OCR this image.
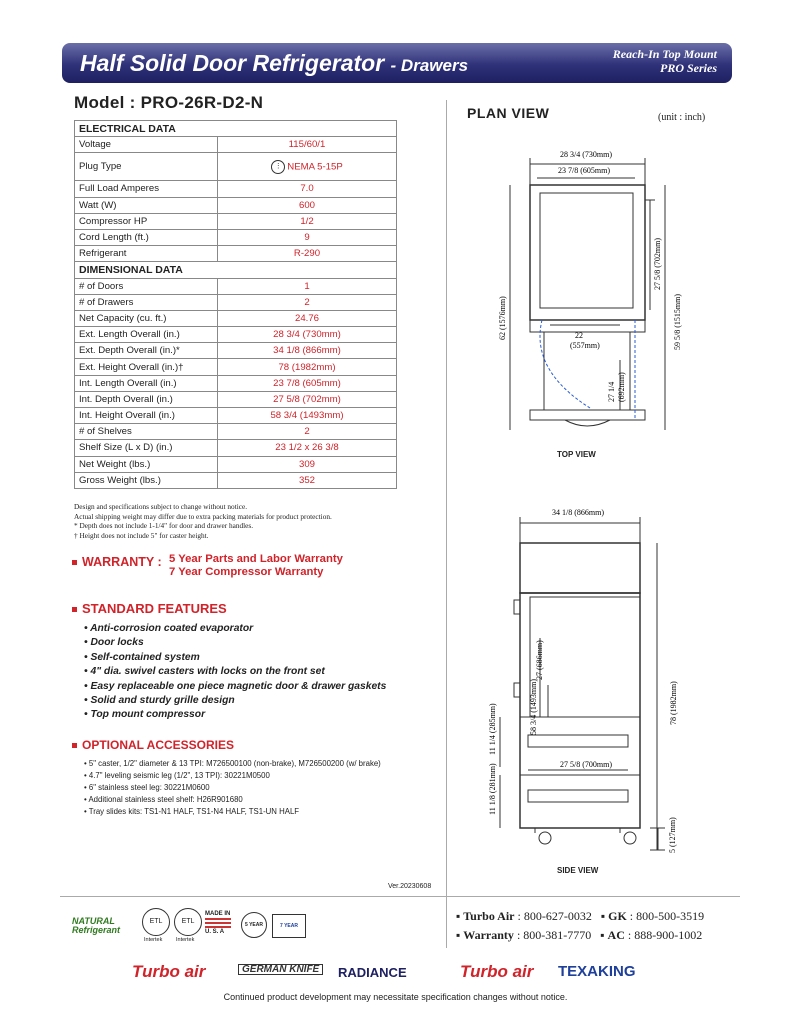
Half Solid Door Refrigerator - Drawers
Reach-In Top Mount
PRO Series
Model : PRO-26R-D2-N
ELECTRICAL DATA	
Voltage	115/60/1
Plug Type	⋮ NEMA 5-15P
Full Load Amperes	7.0
Watt (W)	600
Compressor HP	1/2
Cord Length (ft.)	9
Refrigerant	R-290
DIMENSIONAL DATA	
# of Doors	1
# of Drawers	2
Net Capacity (cu. ft.)	24.76
Ext. Length Overall (in.)	28 3/4 (730mm)
Ext. Depth Overall (in.)*	34 1/8 (866mm)
Ext. Height Overall (in.)†	78 (1982mm)
Int. Length Overall (in.)	23 7/8 (605mm)
Int. Depth Overall (in.)	27 5/8 (702mm)
Int. Height Overall (in.)	58 3/4 (1493mm)
# of Shelves	2
Shelf Size (L x D) (in.)	23 1/2 x 26 3/8
Net Weight (lbs.)	309
Gross Weight (lbs.)	352
Design and specifications subject to change without notice.
Actual shipping weight may differ due to extra packing materials for product protection.
* Depth does not include 1-1/4" for door and drawer handles.
† Height does not include 5" for caster height.
WARRANTY : 5 Year Parts and Labor Warranty
7 Year Compressor Warranty
STANDARD FEATURES
• Anti-corrosion coated evaporator
• Door locks
• Self-contained system
• 4" dia. swivel casters with locks on the front set
• Easy replaceable one piece magnetic door & drawer gaskets
• Solid and sturdy grille design
• Top mount compressor
OPTIONAL ACCESSORIES
• 5" caster, 1/2" diameter & 13 TPI: M726500100 (non-brake), M726500200 (w/ brake)
• 4.7" leveling seismic leg (1/2", 13 TPI): 30221M0500
• 6" stainless steel leg: 30221M0600
• Additional stainless steel shelf: H26R901680
• Tray slides kits: TS1-N1 HALF, TS1-N4 HALF, TS1-UN HALF
Ver.20230608
PLAN VIEW	(unit : inch)
28 3/4 (730mm)
23 7/8 (605mm)
22
(557mm)
27 5/8 (702mm)
59 5/8 (1515mm)
62 (1576mm)
27 1/4 (692mm)
TOP VIEW
34 1/8 (866mm)
27 (686mm)
58 3/4 (1493mm)	78 (1982mm)
27 5/8 (700mm)
11 1/4 (285mm)
11 1/8 (281mm)
5 (127mm)
SIDE VIEW
NATURAL
Refrigerant
ETL
Intertek
ETL
Intertek
MADE IN
U. S. A
5 YEAR	7 YEAR
▪ Turbo Air : 800-627-0032   ▪ GK : 800-500-3519
▪ Warranty : 800-381-7770   ▪ AC : 888-900-1002
Turbo air	GERMAN KNIFE	RADIANCE	Turbo air TEXAKING
Continued product development may necessitate specification changes without notice.
